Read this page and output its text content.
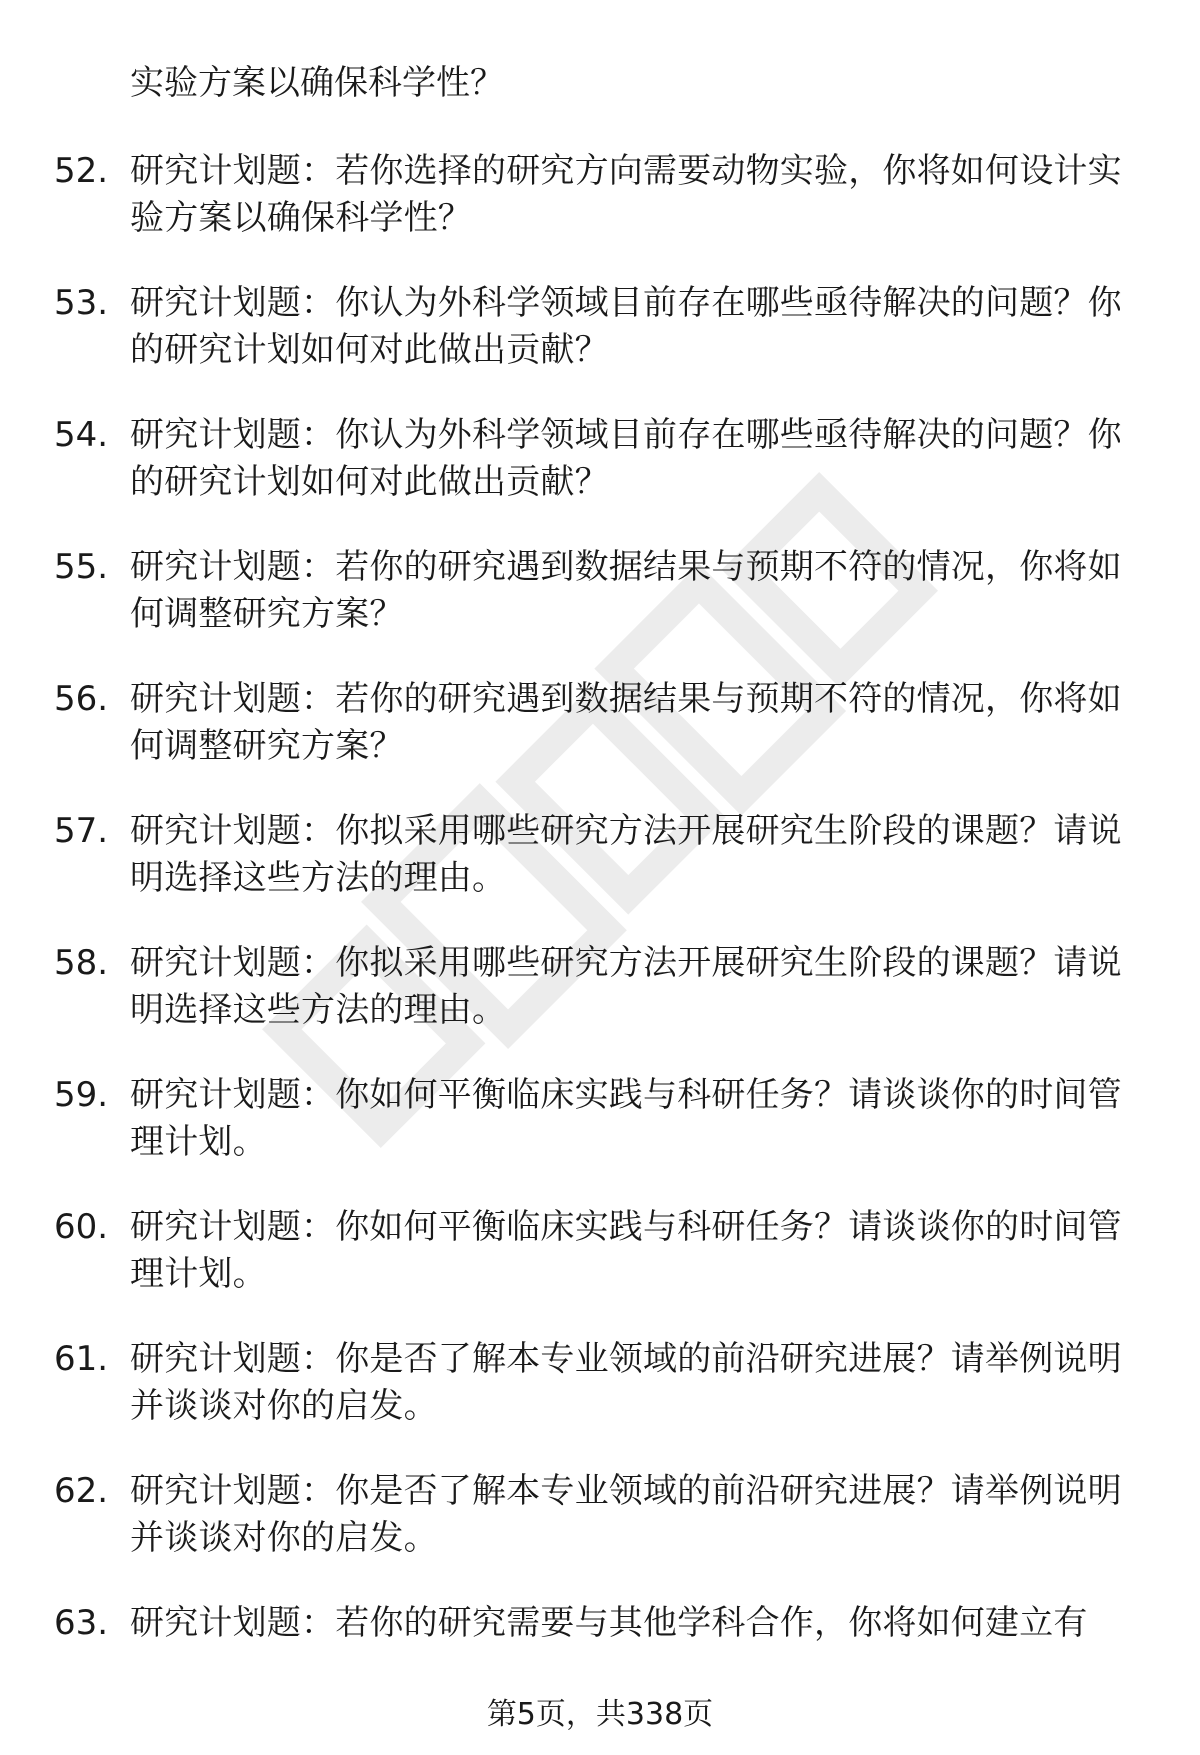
实验方案以确保科学性？

52. 研究计划题：若你选择的研究方向需要动物实验，你将如何设计实验方案以确保科学性？
53. 研究计划题：你认为外科学领域目前存在哪些亟待解决的问题？你的研究计划如何对此做出贡献？
54. 研究计划题：你认为外科学领域目前存在哪些亟待解决的问题？你的研究计划如何对此做出贡献？
55. 研究计划题：若你的研究遇到数据结果与预期不符的情况，你将如何调整研究方案？
56. 研究计划题：若你的研究遇到数据结果与预期不符的情况，你将如何调整研究方案？
57. 研究计划题：你拟采用哪些研究方法开展研究生阶段的课题？请说明选择这些方法的理由。
58. 研究计划题：你拟采用哪些研究方法开展研究生阶段的课题？请说明选择这些方法的理由。
59. 研究计划题：你如何平衡临床实践与科研任务？请谈谈你的时间管理计划。
60. 研究计划题：你如何平衡临床实践与科研任务？请谈谈你的时间管理计划。
61. 研究计划题：你是否了解本专业领域的前沿研究进展？请举例说明并谈谈对你的启发。
62. 研究计划题：你是否了解本专业领域的前沿研究进展？请举例说明并谈谈对你的启发。
63. 研究计划题：若你的研究需要与其他学科合作，你将如何建立有
第5页，共338页
